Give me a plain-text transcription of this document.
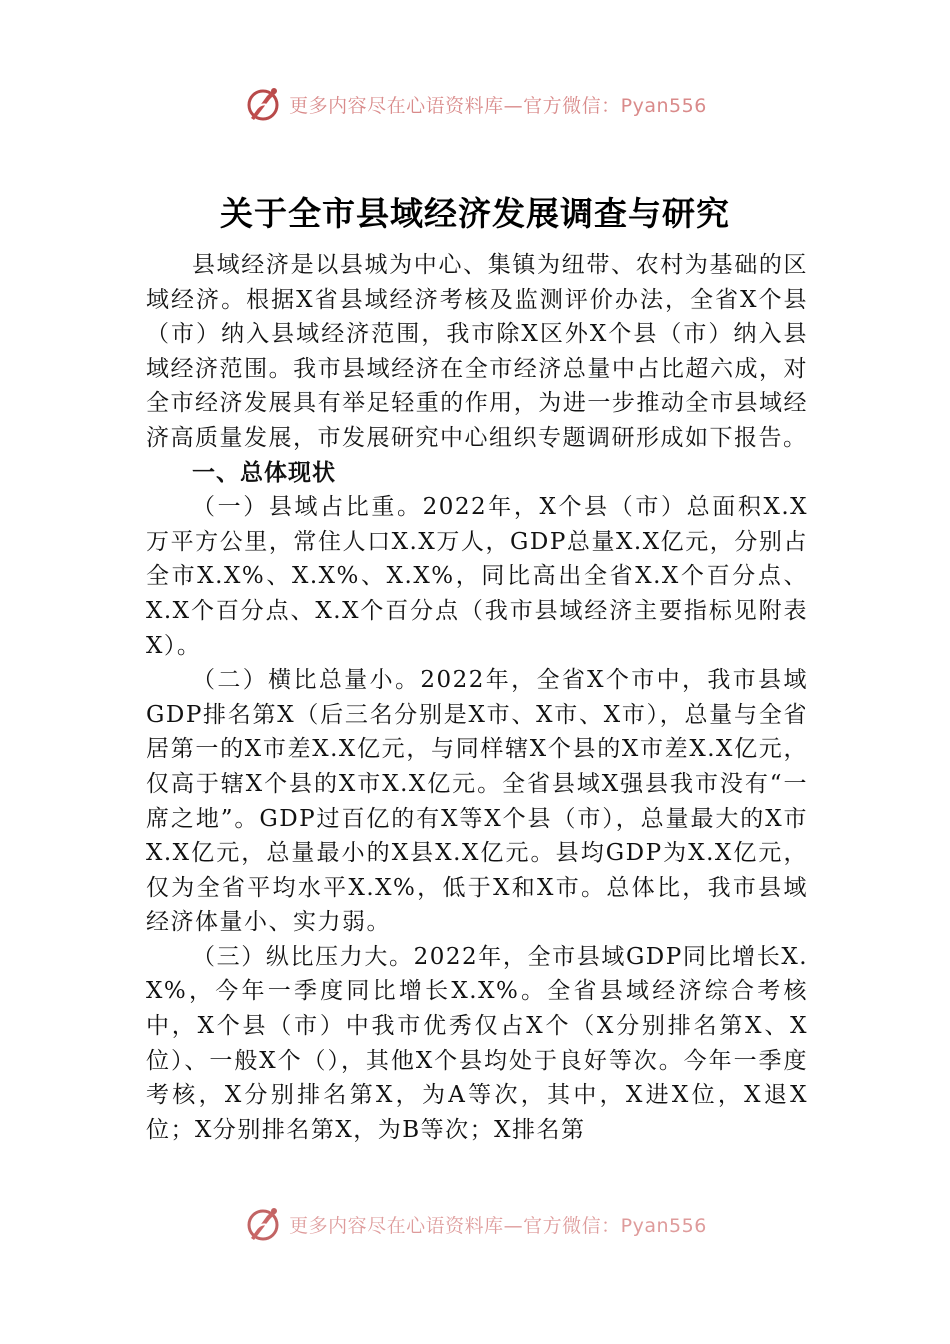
更多内容尽在心语资料库—官方微信：Pyan556
关于全市县域经济发展调查与研究

县域经济是以县城为中心、集镇为纽带、农村为基础的区域经济。根据X省县域经济考核及监测评价办法，全省X个县（市）纳入县域经济范围，我市除X区外X个县（市）纳入县域经济范围。我市县域经济在全市经济总量中占比超六成，对全市经济发展具有举足轻重的作用，为进一步推动全市县域经济高质量发展，市发展研究中心组织专题调研形成如下报告。

一、总体现状

（一）县域占比重。2022年，X个县（市）总面积X.X万平方公里，常住人口X.X万人，GDP总量X.X亿元，分别占全市X.X%、X.X%、X.X%，同比高出全省X.X个百分点、X.X个百分点、X.X个百分点（我市县域经济主要指标见附表X）。

（二）横比总量小。2022年，全省X个市中，我市县域GDP排名第X（后三名分别是X市、X市、X市），总量与全省居第一的X市差X.X亿元，与同样辖X个县的X市差X.X亿元，仅高于辖X个县的X市X.X亿元。全省县域X强县我市没有“一席之地”。GDP过百亿的有X等X个县（市），总量最大的X市X.X亿元，总量最小的X县X.X亿元。县均GDP为X.X亿元，仅为全省平均水平X.X%，低于X和X市。总体比，我市县域经济体量小、实力弱。

（三）纵比压力大。2022年，全市县域GDP同比增长X.X%，今年一季度同比增长X.X%。全省县域经济综合考核中，X个县（市）中我市优秀仅占X个（X分别排名第X、X位）、一般X个（），其他X个县均处于良好等次。今年一季度考核，X分别排名第X，为A等次，其中，X进X位，X退X位；X分别排名第X，为B等次；X排名第

更多内容尽在心语资料库—官方微信：Pyan556
